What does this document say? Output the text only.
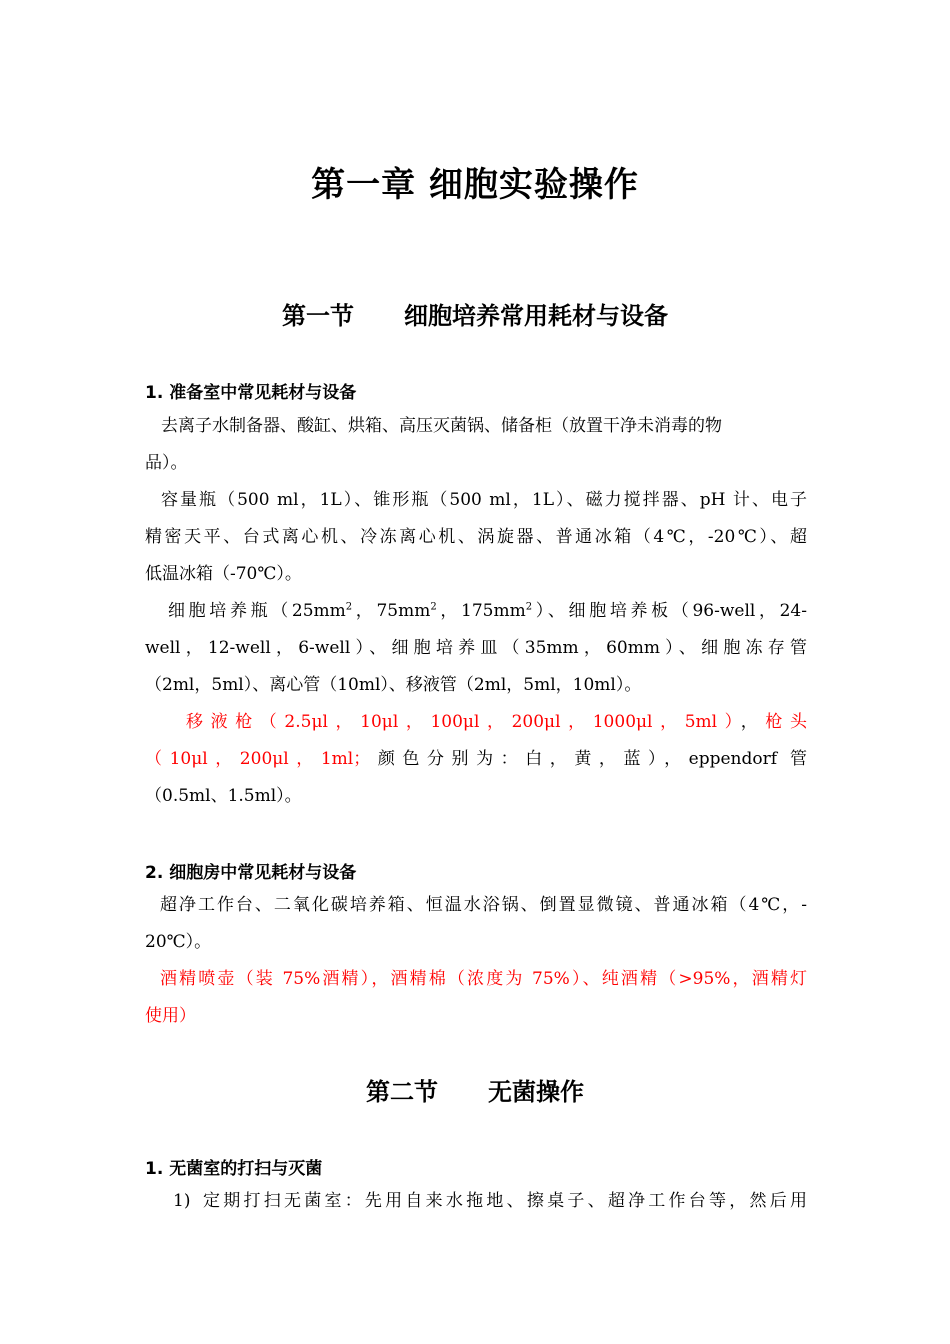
第一章 细胞实验操作
第一节 细胞培养常用耗材与设备
1. 准备室中常见耗材与设备
去离子水制备器、酸缸、烘箱、高压灭菌锅、储备柜（放置干净未消毒的物
品）。
容量瓶（500 ml，1L）、锥形瓶（500 ml，1L）、磁力搅拌器、pH 计、电子
精密天平、台式离心机、冷冻离心机、涡旋器、普通冰箱（4℃，-20℃）、超
低温冰箱（-70℃）。
细胞培养瓶（$25mm^2$，$75mm^2$，$175mm^2$）、细胞培养板（96-well，24-
well，12-well，6-well）、细胞培养皿（35mm，60mm）、细胞冻存管
（2ml，5ml）、离心管（10ml）、移液管（2ml，5ml，10ml）。
移液枪（2.5μl，10μl，100μl，200μl，1000μl，5ml），枪头
（10μl，200μl，1ml；颜色分别为：白，黄，蓝），eppendorf 管
（0.5ml、1.5ml）。
2. 细胞房中常见耗材与设备
超净工作台、二氧化碳培养箱、恒温水浴锅、倒置显微镜、普通冰箱（4℃，-
20℃）。
酒精喷壶（装 75%酒精），酒精棉（浓度为 75%）、纯酒精（>95%，酒精灯
使用）
第二节 无菌操作
1. 无菌室的打扫与灭菌
1) 定期打扫无菌室：先用自来水拖地、擦桌子、超净工作台等，然后用
